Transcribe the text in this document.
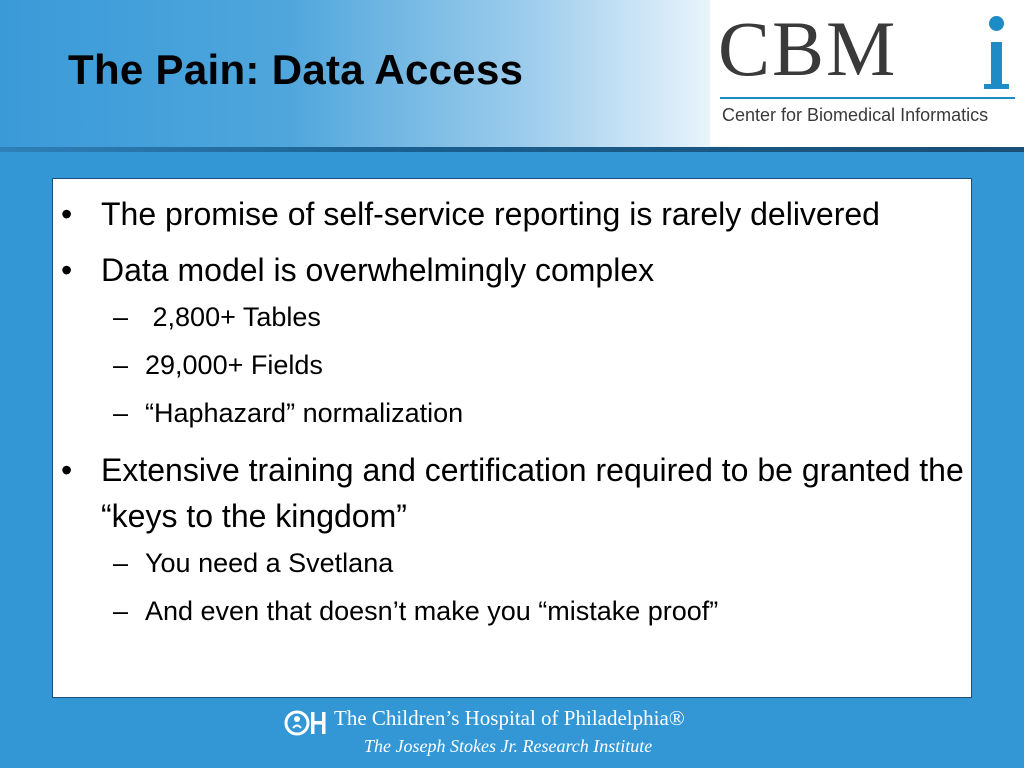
The Pain: Data Access CBM
Center for Biomedical Informatics
• The promise of self-service reporting is rarely delivered
• Data model is overwhelmingly complex
– 2,800+ Tables
– 29,000+ Fields
– “Haphazard” normalization
• Extensive training and certification required to be granted the “keys to the kingdom”
– You need a Svetlana
– And even that doesn’t make you “mistake proof”
The Children’s Hospital of Philadelphia®
The Joseph Stokes Jr. Research Institute
